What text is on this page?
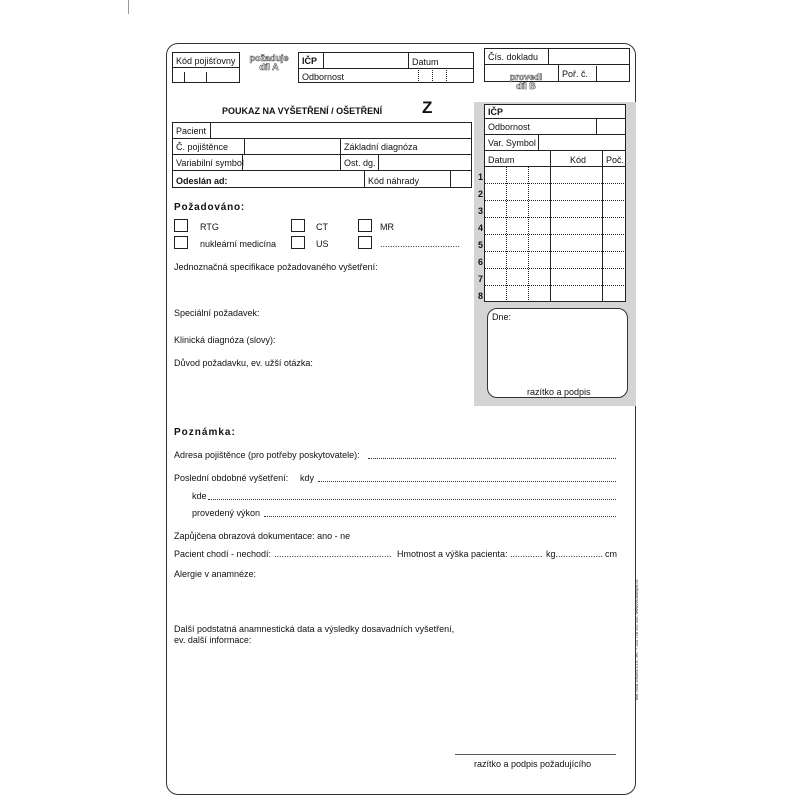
Kód pojišťovny	požaduje
díl A
IČP	Datum
Odbornost
Čís. dokladu
Poř. č.
provedl
díl B
POUKAZ NA VYŠETŘENÍ / OŠETŘENÍ Z
Pacient
Č. pojištěnce	Základní diagnóza
Variabilní symbol	Ost. dg.
Odeslán ad:	Kód náhrady
IČP
Odbornost
Var. Symbol
Datum	Kód Poč.
1
2
3
4
5
6
7
8
Dne:
razítko a podpis
Požadováno:
RTG	CT	MR
nukleární medicína	US	................................
Jednoznačná specifikace požadovaného vyšetření:
Speciální požadavek:
Klinická diagnóza (slovy):
Důvod požadavku, ev. užší otázka:
Poznámka:
Adresa pojištěnce (pro potřeby poskytovatele):
Poslední obdobné vyšetření: kdy
kde
provedený výkon
Zapůjčena obrazová dokumentace: ano - ne
Pacient chodí - nechodí: ............................................... Hmotnost a výška pacienta: ............. kg. .................. cm
Alergie v anamnéze:
Další podstatná anamnestická data a výsledky dosavadních vyšetření,
ev. další informace:
razítko a podpis požadujícího
tisk: RAB DRAVA s.r.o., tel.: + 420 728 262 045, www.rvs-tiskopis.cz
